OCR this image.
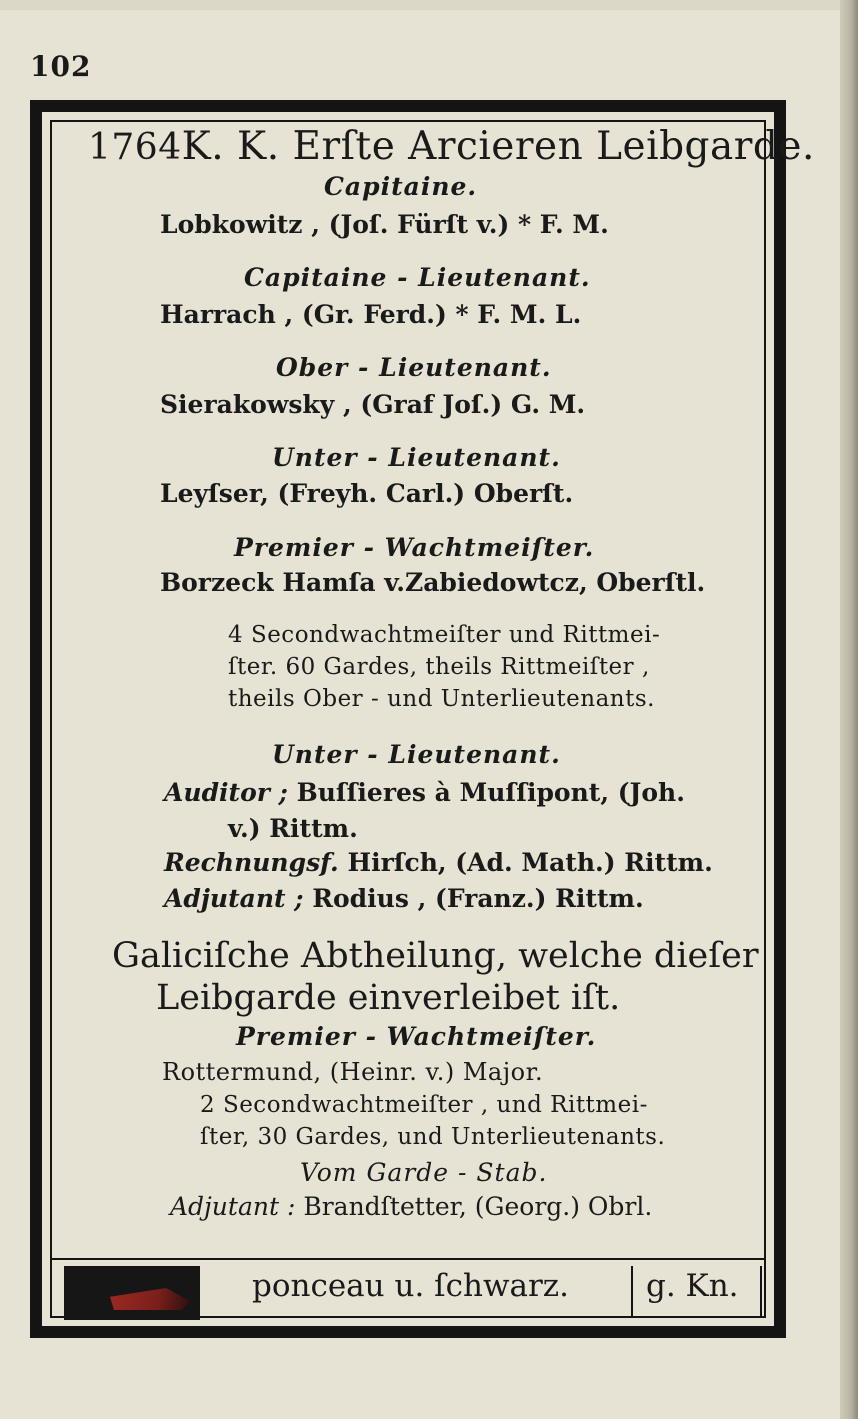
102
1764K. K. Erſte Arcieren Leibgarde.
Capitaine.
Lobkowitz , (Joſ. Fürſt v.) * F. M.
Capitaine - Lieutenant.
Harrach , (Gr. Ferd.) * F. M. L.
Ober - Lieutenant.
Sierakowsky , (Graf Joſ.) G. M.
Unter - Lieutenant.
Leyſser, (Freyh. Carl.) Oberſt.
Premier - Wachtmeiſter.
Borzeck Hamſa v.Zabiedowtcz, Oberſtl.
4 Secondwachtmeiſter und Rittmei-
ſter. 60 Gardes, theils Rittmeiſter ,
theils Ober - und Unterlieutenants.
Unter - Lieutenant.
Auditor ; Buſſieres à Muſſipont, (Joh.
v.) Rittm.
Rechnungsf. Hirſch, (Ad. Math.) Rittm.
Adjutant ; Rodius , (Franz.) Rittm.
Galiciſche Abtheilung, welche dieſer
Leibgarde einverleibet iſt.
Premier - Wachtmeiſter.
Rottermund, (Heinr. v.) Major.
2 Secondwachtmeiſter , und Rittmei-
ſter, 30 Gardes, und Unterlieutenants.
Vom Garde - Stab.
Adjutant : Brandſtetter, (Georg.) Obrl.
ponceau u. ſchwarz. g. Kn.
